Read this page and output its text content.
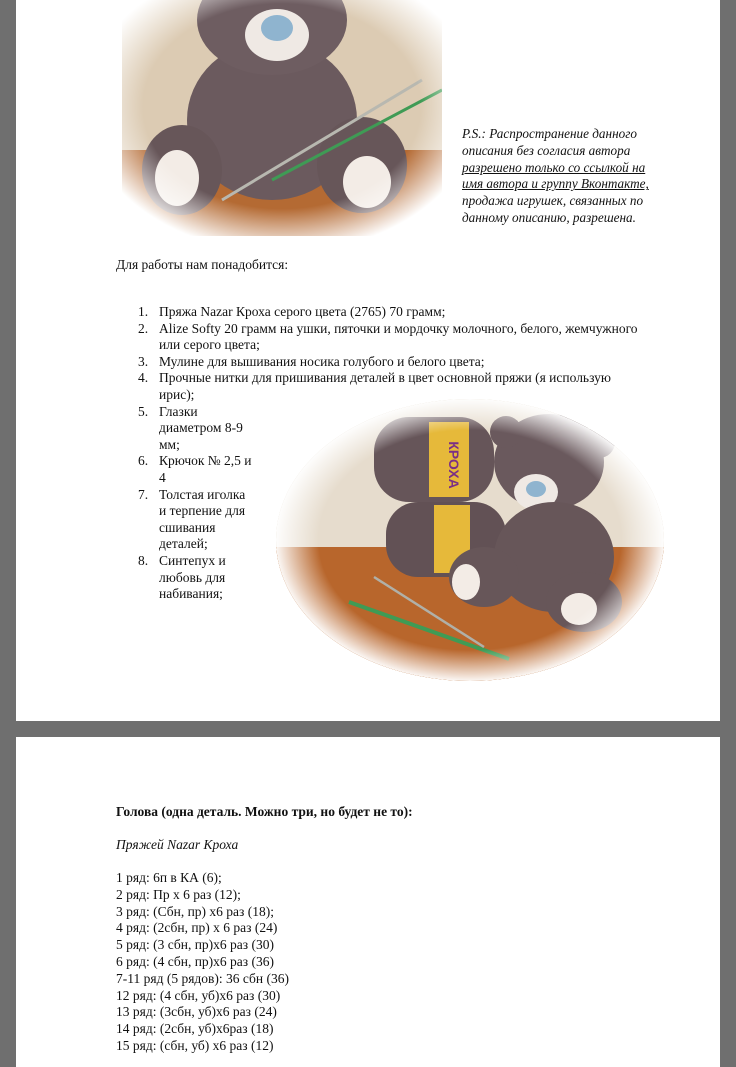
P.S.: Распространение данного
описания без согласия автора
разрешено только со ссылкой на
имя автора и группу Вконтакте,
продажа игрушек, связанных по
данному описанию, разрешена.
Для работы нам понадобится:
1. Пряжа Nazar Кроха серого цвета (2765) 70 грамм;
2. Alize Softy 20 грамм на ушки, пяточки и мордочку молочного, белого, жемчужного
или серого цвета;
3. Мулине для вышивания носика голубого и белого цвета;
4. Прочные нитки для пришивания деталей в цвет основной пряжи (я использую
ирис);
5. Глазки
диаметром 8-9
мм;
6. Крючок № 2,5 и
4
7. Толстая иголка
и терпение для
сшивания
деталей;
8. Синтепух и
любовь для
набивания;
Голова (одна деталь. Можно три, но будет не то):
Пряжей Nazar Кроха
1 ряд: 6п в КА (6);
2 ряд: Пр х 6 раз (12);
3 ряд: (Сбн, пр) х6 раз (18);
4 ряд: (2сбн, пр) х 6 раз (24)
5 ряд: (3 сбн, пр)х6 раз (30)
6 ряд: (4 сбн, пр)х6 раз (36)
7-11 ряд (5 рядов): 36 сбн (36)
12 ряд: (4 сбн, уб)х6 раз (30)
13 ряд: (3сбн, уб)х6 раз (24)
14 ряд: (2сбн, уб)х6раз (18)
15 ряд: (сбн, уб) х6 раз (12)
